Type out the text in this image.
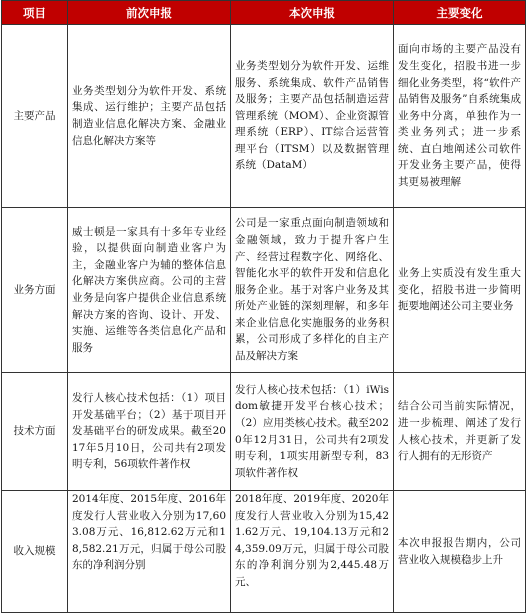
项目	前次申报	本次申报	主要变化
主要产品	业务类型划分为软件开发、系统集成、运行维护；主要产品包括制造业信息化解决方案、金融业信息化解决方案等	业务类型划分为软件开发、运维服务、系统集成、软件产品销售及服务；主要产品包括制造运营管理系统（MOM）、企业资源管理系统（ERP）、IT综合运营管理平台（ITSM）以及数据管理系统（DataM）	面向市场的主要产品没有发生变化，招股书进一步细化业务类型，将“软件产品销售及服务”自系统集成业务中分离，单独作为一类业务列式；进一步系统、直白地阐述公司软件开发业务主要产品，使得其更易被理解
业务方面	威士顿是一家具有十多年专业经验，以提供面向制造业客户为主，金融业客户为辅的整体信息化解决方案供应商。公司的主营业务是向客户提供企业信息系统解决方案的咨询、设计、开发、实施、运维等各类信息化产品和服务	公司是一家重点面向制造领域和金融领域，致力于提升客户生产、经营过程数字化、网络化、智能化水平的软件开发和信息化服务企业。基于对客户业务及其所处产业链的深刻理解，和多年来企业信息化实施服务的业务积累，公司形成了多样化的自主产品及解决方案	业务上实质没有发生重大变化，招股书进一步简明扼要地阐述公司主要业务
技术方面	发行人核心技术包括：（1）项目开发基础平台；（2）基于项目开发基础平台的研发成果。截至2017年5月10日，公司共有2项发明专利，56项软件著作权	发行人核心技术包括：（1）iWisdom敏捷开发平台核心技术；（2）应用类核心技术。截至2020年12月31日，公司共有2项发明专利，1项实用新型专利，83项软件著作权	结合公司当前实际情况，进一步梳理、阐述了发行人核心技术，并更新了发行人拥有的无形资产
收入规模	2014年度、2015年度、2016年度发行人营业收入分别为17,603.08万元、16,812.62万元和18,582.21万元，归属于母公司股东的净利润分别	2018年度、2019年度、2020年度发行人营业收入分别为15,421.62万元、19,104.13万元和24,359.09万元，归属于母公司股东的净利润分别为2,445.48万元、	本次申报报告期内，公司营业收入规模稳步上升
